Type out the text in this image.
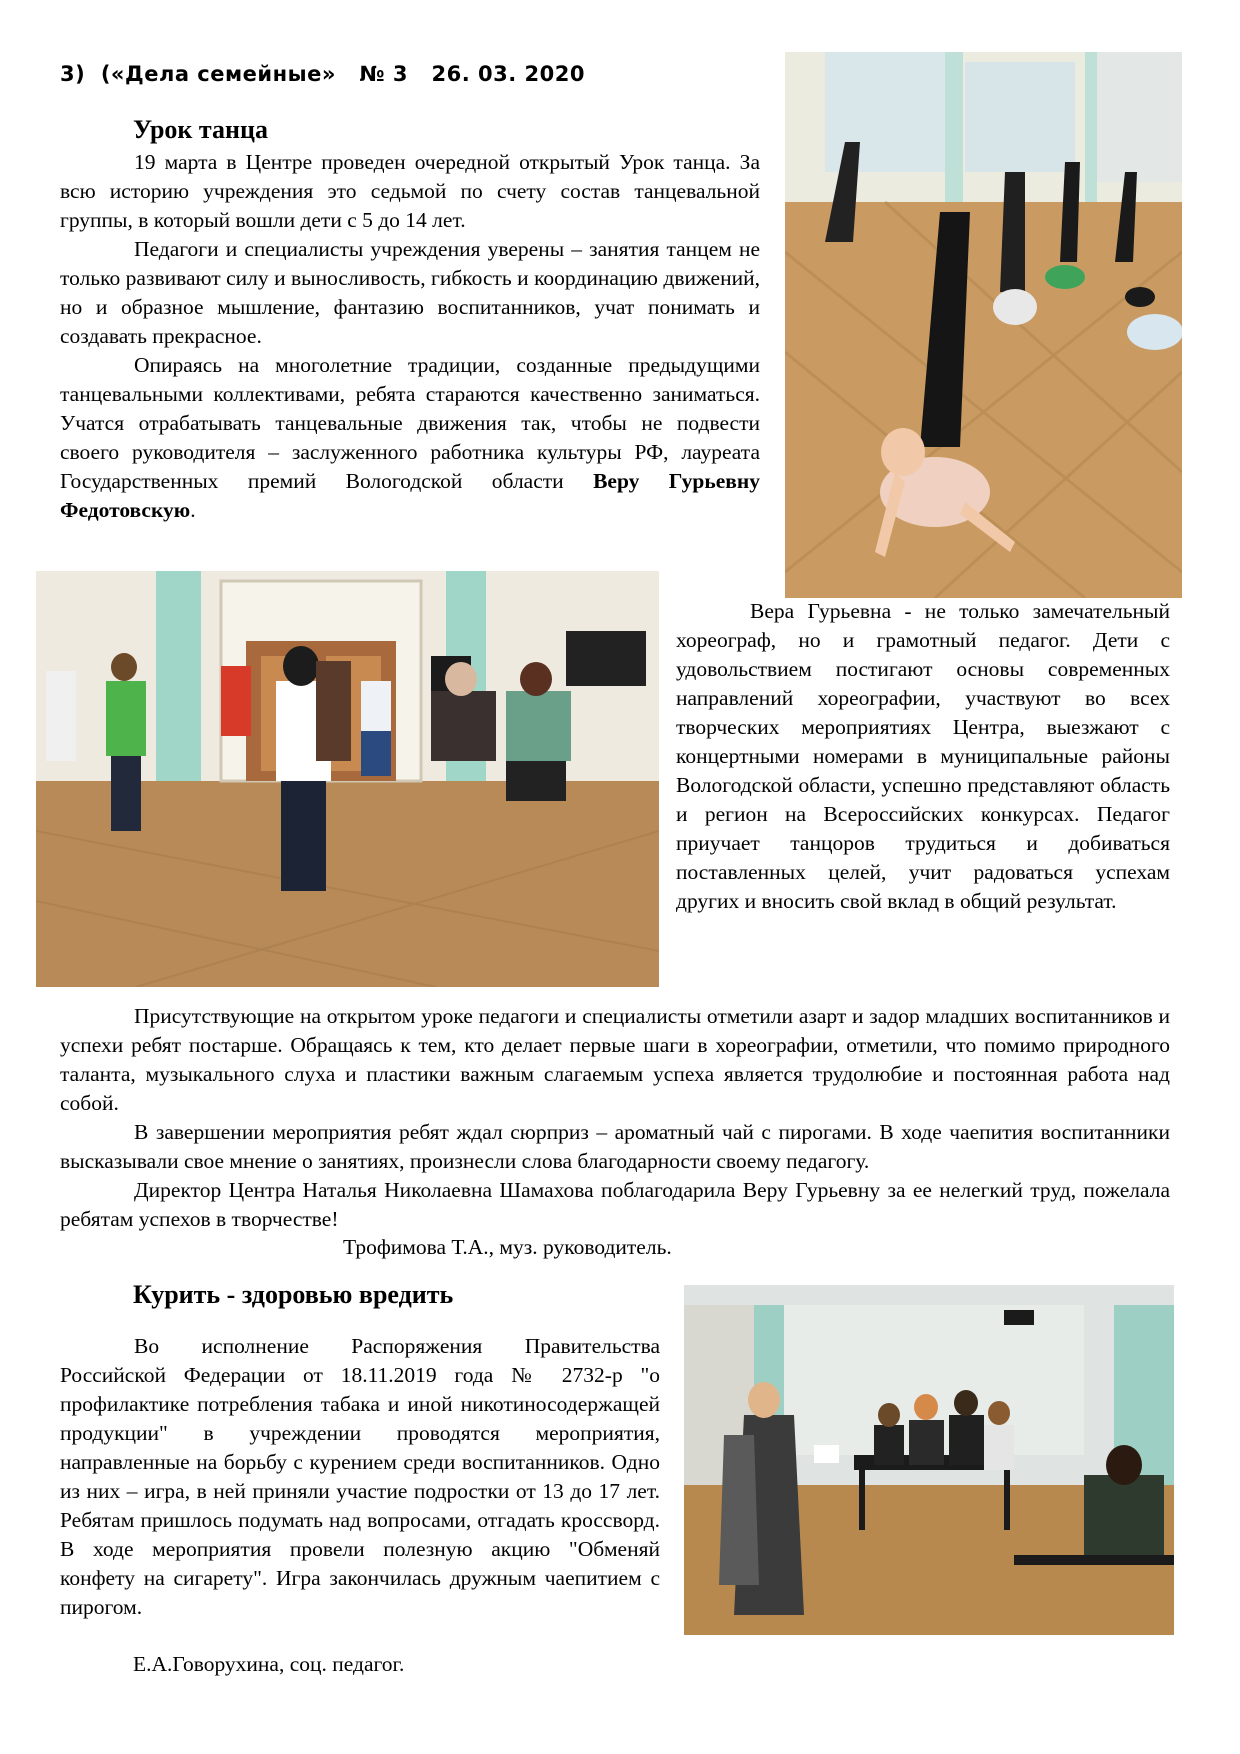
3)  («Дела семейные»   № 3   26. 03. 2020
Урок танца

19 марта в Центре проведен очередной открытый Урок танца. За всю историю учреждения это седьмой по счету состав танцевальной группы, в который вошли дети с 5 до 14 лет.

Педагоги и специалисты учреждения уверены – занятия танцем не только развивают силу и выносливость, гибкость и координацию движений, но и образное мышление, фантазию воспитанников, учат понимать и создавать прекрасное.

Опираясь на многолетние традиции, созданные предыдущими танцевальными коллективами, ребята стараются качественно заниматься. Учатся отрабатывать танцевальные движения так, чтобы не подвести своего руководителя – заслуженного работника культуры РФ, лауреата Государственных премий Вологодской области Веру Гурьевну Федотовскую.

Вера Гурьевна - не только замечательный хореограф, но и грамотный педагог. Дети с удовольствием постигают основы современных направлений хореографии, участвуют во всех творческих мероприятиях Центра, выезжают с концертными номерами в муниципальные районы Вологодской области, успешно представляют область и регион на Всероссийских конкурсах. Педагог приучает танцоров трудиться и добиваться поставленных целей, учит радоваться успехам других и вносить свой вклад в общий результат.

Присутствующие на открытом уроке педагоги и специалисты отметили азарт и задор младших воспитанников и успехи ребят постарше. Обращаясь к тем, кто делает первые шаги в хореографии, отметили, что помимо природного таланта, музыкального слуха и пластики важным слагаемым успеха является трудолюбие и постоянная работа над собой.

В завершении мероприятия ребят ждал сюрприз – ароматный чай с пирогами. В ходе чаепития воспитанники высказывали свое мнение о занятиях, произнесли слова благодарности своему педагогу.

Директор Центра Наталья Николаевна Шамахова поблагодарила Веру Гурьевну за ее нелегкий труд, пожелала ребятам успехов в творчестве!

Трофимова Т.А., муз. руководитель.
Курить - здоровью вредить

Во исполнение Распоряжения Правительства Российской Федерации от 18.11.2019 года № 2732-р "о профилактике потребления табака и иной никотиносодержащей продукции" в учреждении проводятся мероприятия, направленные на борьбу с курением среди воспитанников. Одно из них – игра, в ней приняли участие подростки от 13 до 17 лет. Ребятам пришлось подумать над вопросами, отгадать кроссворд. В ходе мероприятия провели полезную акцию "Обменяй конфету на сигарету". Игра закончилась дружным чаепитием с пирогом.

Е.А.Говорухина, соц. педагог.
